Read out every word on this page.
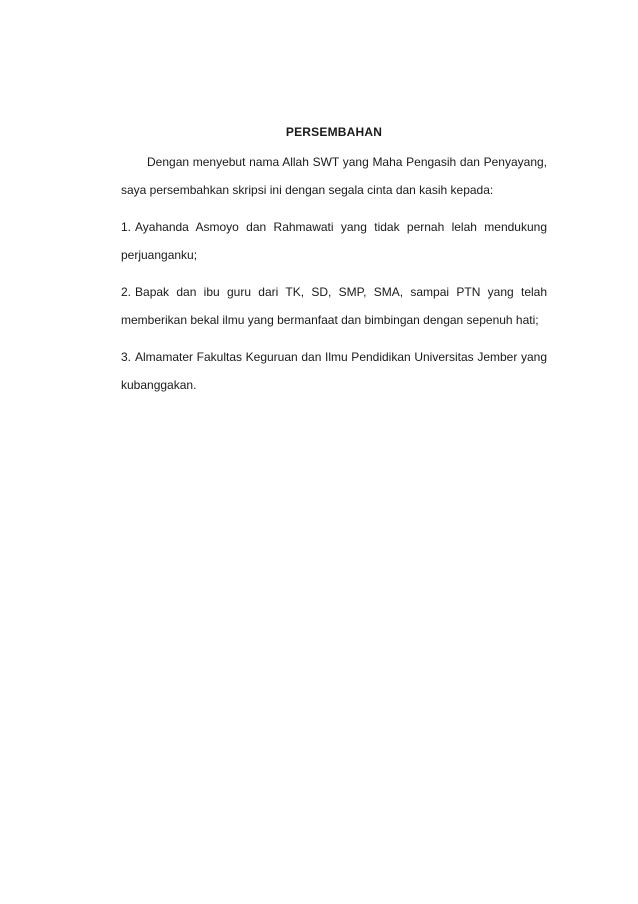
PERSEMBAHAN

Dengan menyebut nama Allah SWT yang Maha Pengasih dan Penyayang, saya persembahkan skripsi ini dengan segala cinta dan kasih kepada:

1. Ayahanda Asmoyo dan Rahmawati yang tidak pernah lelah mendukung perjuanganku;

2. Bapak dan ibu guru dari TK, SD, SMP, SMA, sampai PTN yang telah memberikan bekal ilmu yang bermanfaat dan bimbingan dengan sepenuh hati;

3. Almamater Fakultas Keguruan dan Ilmu Pendidikan Universitas Jember yang kubanggakan.
